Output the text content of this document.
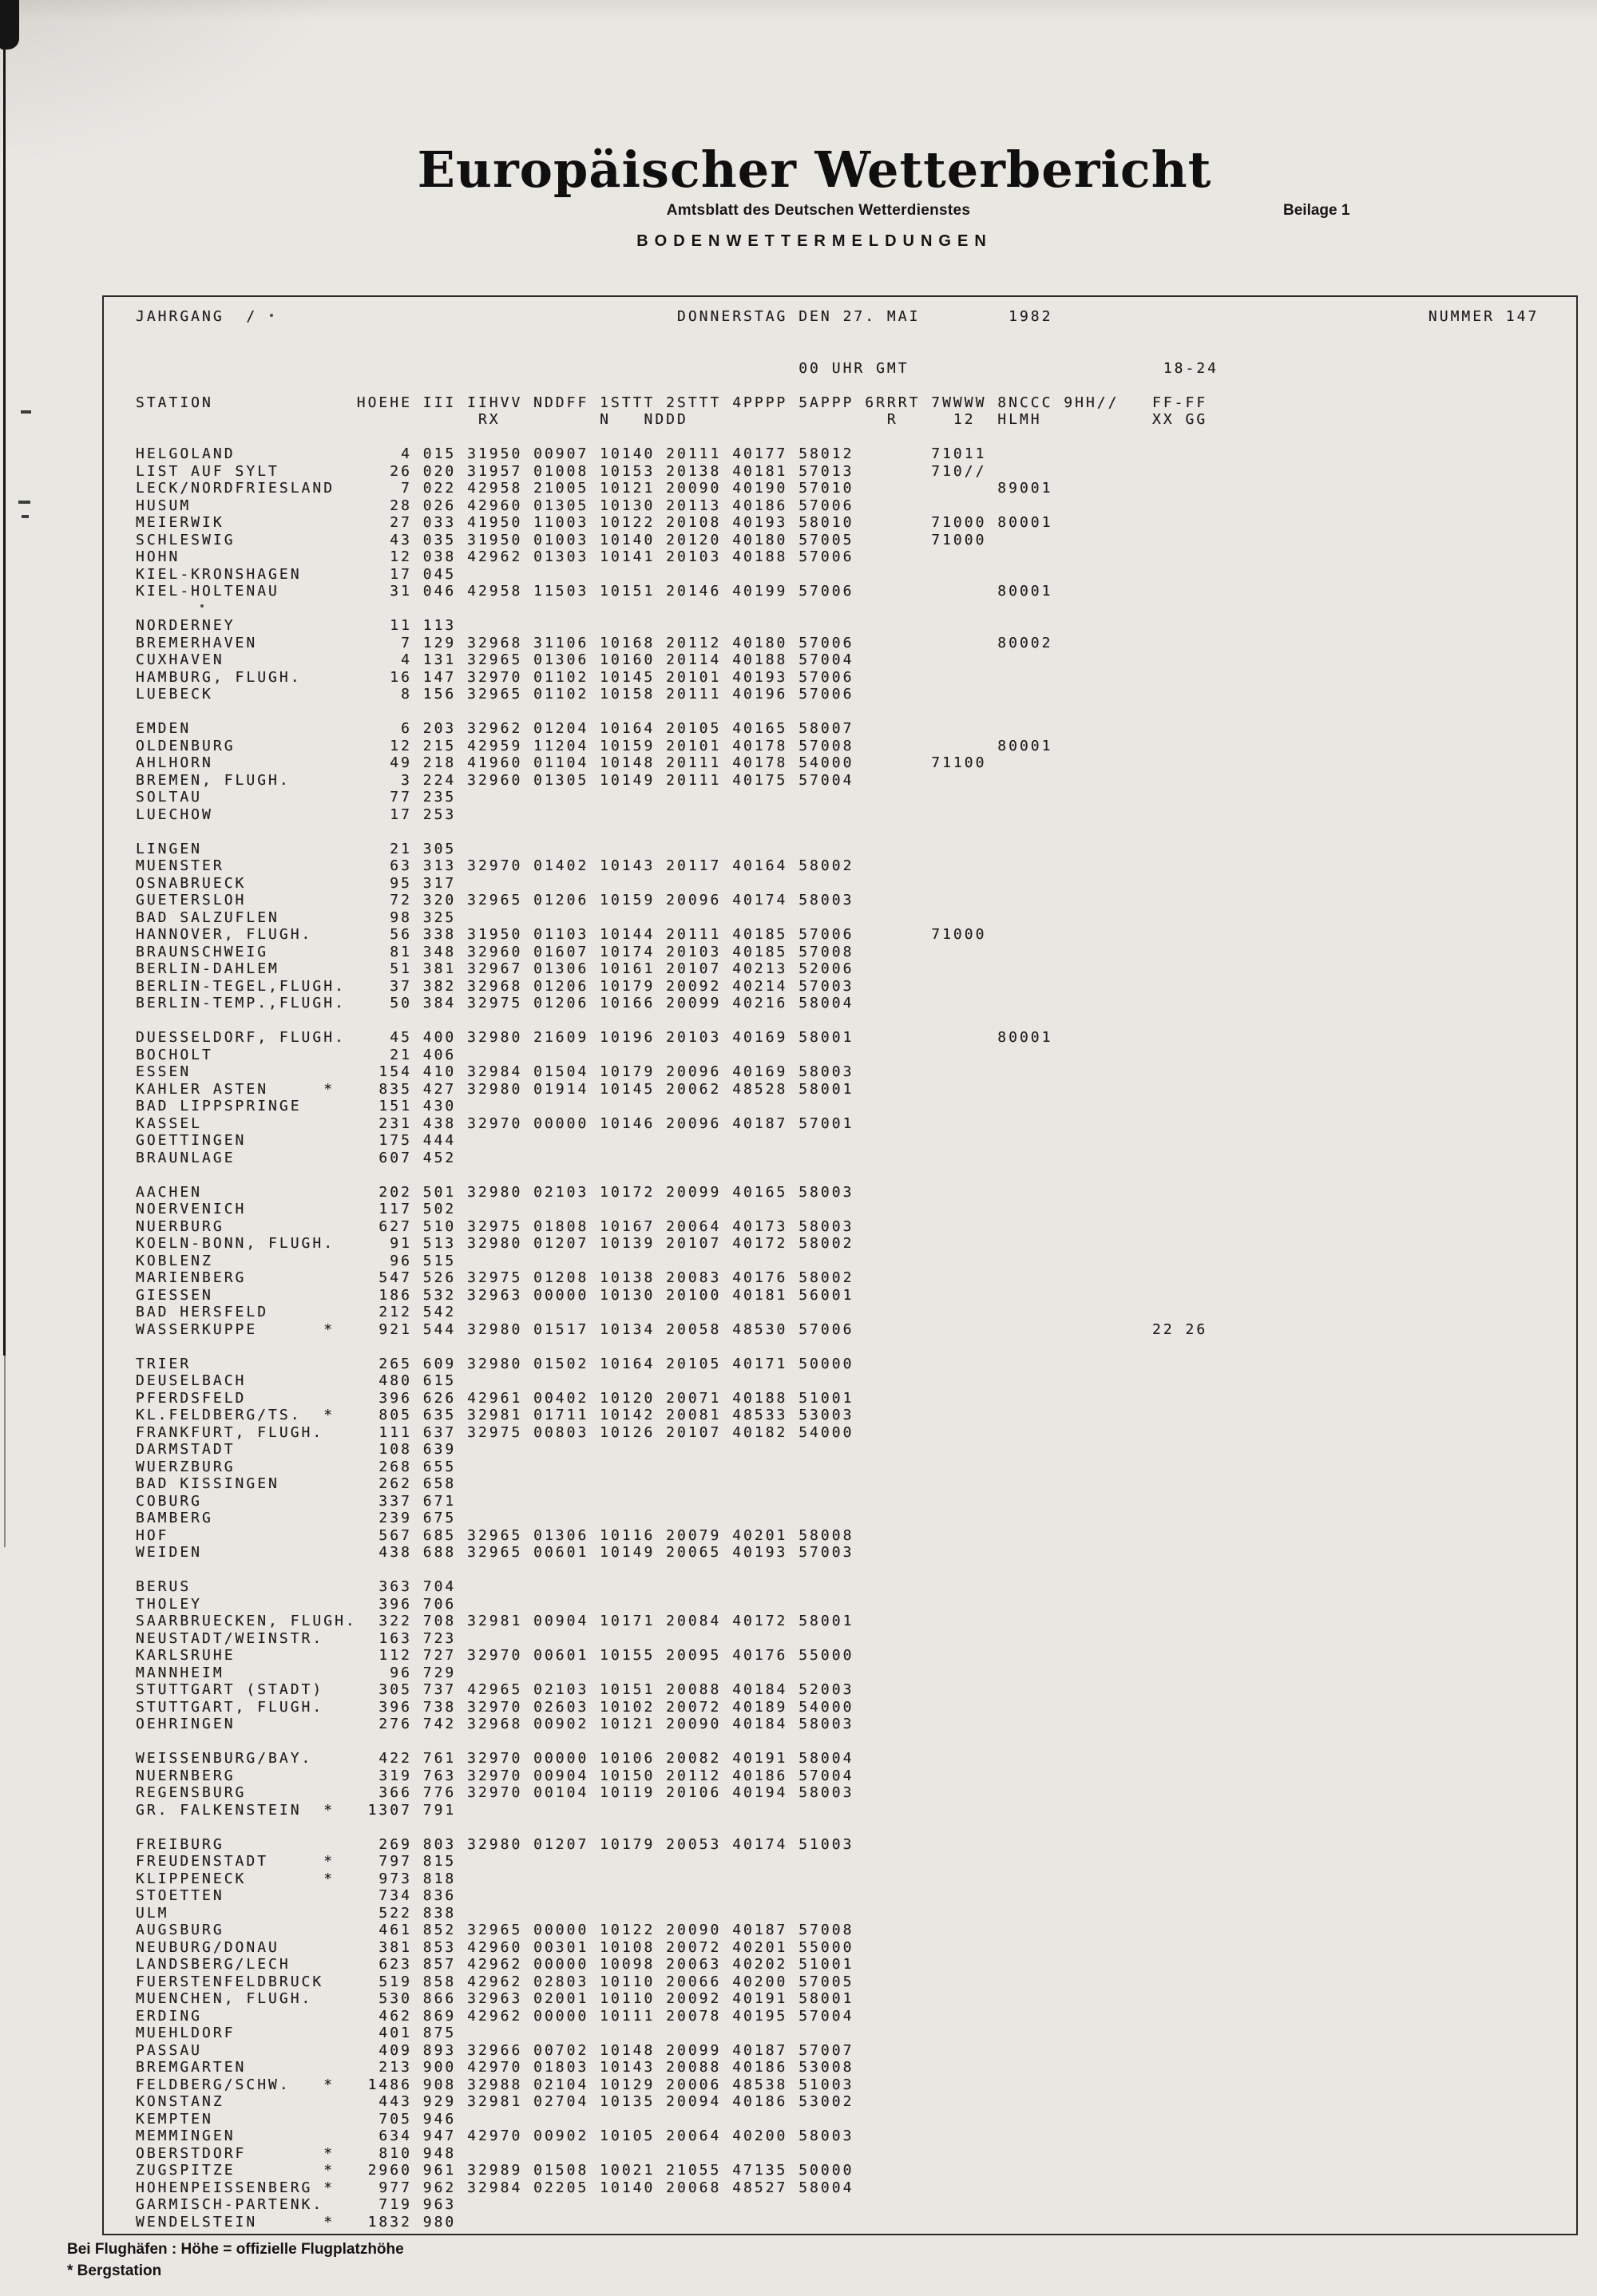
Europäischer Wetterbericht
Amtsblatt des Deutschen Wetterdienstes	Beilage 1
BODENWETTERMELDUNGEN
JAHRGANG  /                                      DONNERSTAG DEN 27. MAI        1982                                  NUMMER 147

00 UHR GMT                       18-24

STATION             HOEHE III IIHVV NDDFF 1STTT 2STTT 4PPPP 5APPP 6RRRT 7WWWW 8NCCC 9HH//   FF-FF
RX         N   NDDD                  R     12  HLMH          XX GG

HELGOLAND               4 015 31950 00907 10140 20111 40177 58012       71011
LIST AUF SYLT          26 020 31957 01008 10153 20138 40181 57013       710//
LECK/NORDFRIESLAND      7 022 42958 21005 10121 20090 40190 57010             89001
HUSUM                  28 026 42960 01305 10130 20113 40186 57006
MEIERWIK               27 033 41950 11003 10122 20108 40193 58010       71000 80001
SCHLESWIG              43 035 31950 01003 10140 20120 40180 57005       71000
HOHN                   12 038 42962 01303 10141 20103 40188 57006
KIEL-KRONSHAGEN        17 045
KIEL-HOLTENAU          31 046 42958 11503 10151 20146 40199 57006             80001

NORDERNEY              11 113
BREMERHAVEN             7 129 32968 31106 10168 20112 40180 57006             80002
CUXHAVEN                4 131 32965 01306 10160 20114 40188 57004
HAMBURG, FLUGH.        16 147 32970 01102 10145 20101 40193 57006
LUEBECK                 8 156 32965 01102 10158 20111 40196 57006

EMDEN                   6 203 32962 01204 10164 20105 40165 58007
OLDENBURG              12 215 42959 11204 10159 20101 40178 57008             80001
AHLHORN                49 218 41960 01104 10148 20111 40178 54000       71100
BREMEN, FLUGH.          3 224 32960 01305 10149 20111 40175 57004
SOLTAU                 77 235
LUECHOW                17 253

LINGEN                 21 305
MUENSTER               63 313 32970 01402 10143 20117 40164 58002
OSNABRUECK             95 317
GUETERSLOH             72 320 32965 01206 10159 20096 40174 58003
BAD SALZUFLEN          98 325
HANNOVER, FLUGH.       56 338 31950 01103 10144 20111 40185 57006       71000
BRAUNSCHWEIG           81 348 32960 01607 10174 20103 40185 57008
BERLIN-DAHLEM          51 381 32967 01306 10161 20107 40213 52006
BERLIN-TEGEL,FLUGH.    37 382 32968 01206 10179 20092 40214 57003
BERLIN-TEMP.,FLUGH.    50 384 32975 01206 10166 20099 40216 58004

DUESSELDORF, FLUGH.    45 400 32980 21609 10196 20103 40169 58001             80001
BOCHOLT                21 406
ESSEN                 154 410 32984 01504 10179 20096 40169 58003
KAHLER ASTEN     *    835 427 32980 01914 10145 20062 48528 58001
BAD LIPPSPRINGE       151 430
KASSEL                231 438 32970 00000 10146 20096 40187 57001
GOETTINGEN            175 444
BRAUNLAGE             607 452

AACHEN                202 501 32980 02103 10172 20099 40165 58003
NOERVENICH            117 502
NUERBURG              627 510 32975 01808 10167 20064 40173 58003
KOELN-BONN, FLUGH.     91 513 32980 01207 10139 20107 40172 58002
KOBLENZ                96 515
MARIENBERG            547 526 32975 01208 10138 20083 40176 58002
GIESSEN               186 532 32963 00000 10130 20100 40181 56001
BAD HERSFELD          212 542
WASSERKUPPE      *    921 544 32980 01517 10134 20058 48530 57006                           22 26

TRIER                 265 609 32980 01502 10164 20105 40171 50000
DEUSELBACH            480 615
PFERDSFELD            396 626 42961 00402 10120 20071 40188 51001
KL.FELDBERG/TS.  *    805 635 32981 01711 10142 20081 48533 53003
FRANKFURT, FLUGH.     111 637 32975 00803 10126 20107 40182 54000
DARMSTADT             108 639
WUERZBURG             268 655
BAD KISSINGEN         262 658
COBURG                337 671
BAMBERG               239 675
HOF                   567 685 32965 01306 10116 20079 40201 58008
WEIDEN                438 688 32965 00601 10149 20065 40193 57003

BERUS                 363 704
THOLEY                396 706
SAARBRUECKEN, FLUGH.  322 708 32981 00904 10171 20084 40172 58001
NEUSTADT/WEINSTR.     163 723
KARLSRUHE             112 727 32970 00601 10155 20095 40176 55000
MANNHEIM               96 729
STUTTGART (STADT)     305 737 42965 02103 10151 20088 40184 52003
STUTTGART, FLUGH.     396 738 32970 02603 10102 20072 40189 54000
OEHRINGEN             276 742 32968 00902 10121 20090 40184 58003

WEISSENBURG/BAY.      422 761 32970 00000 10106 20082 40191 58004
NUERNBERG             319 763 32970 00904 10150 20112 40186 57004
REGENSBURG            366 776 32970 00104 10119 20106 40194 58003
GR. FALKENSTEIN  *   1307 791

FREIBURG              269 803 32980 01207 10179 20053 40174 51003
FREUDENSTADT     *    797 815
KLIPPENECK       *    973 818
STOETTEN              734 836
ULM                   522 838
AUGSBURG              461 852 32965 00000 10122 20090 40187 57008
NEUBURG/DONAU         381 853 42960 00301 10108 20072 40201 55000
LANDSBERG/LECH        623 857 42962 00000 10098 20063 40202 51001
FUERSTENFELDBRUCK     519 858 42962 02803 10110 20066 40200 57005
MUENCHEN, FLUGH.      530 866 32963 02001 10110 20092 40191 58001
ERDING                462 869 42962 00000 10111 20078 40195 57004
MUEHLDORF             401 875
PASSAU                409 893 32966 00702 10148 20099 40187 57007
BREMGARTEN            213 900 42970 01803 10143 20088 40186 53008
FELDBERG/SCHW.   *   1486 908 32988 02104 10129 20006 48538 51003
KONSTANZ              443 929 32981 02704 10135 20094 40186 53002
KEMPTEN               705 946
MEMMINGEN             634 947 42970 00902 10105 20064 40200 58003
OBERSTDORF       *    810 948
ZUGSPITZE        *   2960 961 32989 01508 10021 21055 47135 50000
HOHENPEISSENBERG *    977 962 32984 02205 10140 20068 48527 58004
GARMISCH-PARTENK.     719 963
WENDELSTEIN      *   1832 980
Bei Flughäfen : Höhe = offizielle Flugplatzhöhe
* Bergstation
